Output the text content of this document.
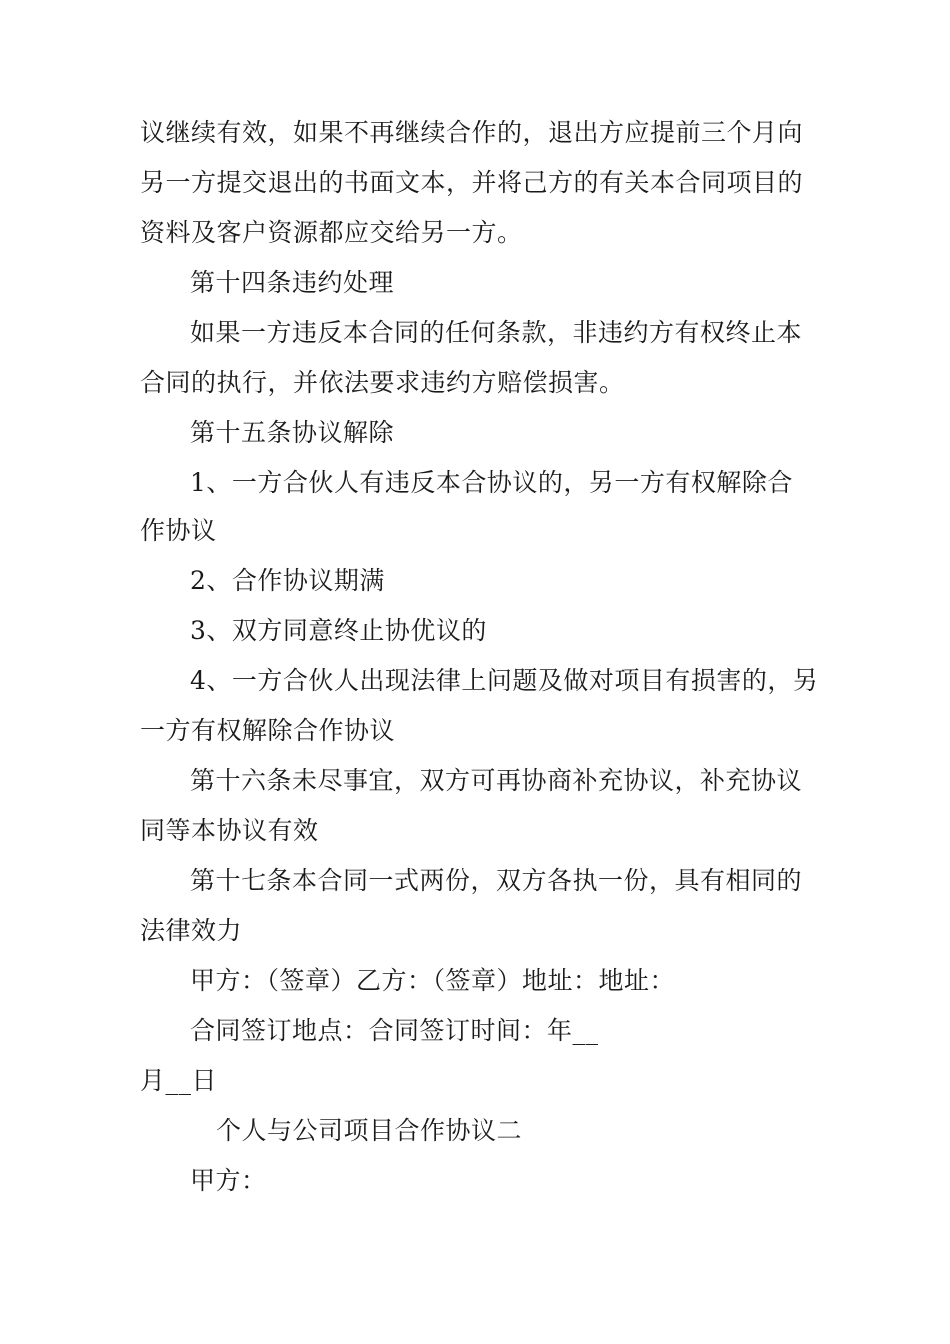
议继续有效，如果不再继续合作的，退出方应提前三个月向
另一方提交退出的书面文本，并将己方的有关本合同项目的
资料及客户资源都应交给另一方。
第十四条违约处理
如果一方违反本合同的任何条款，非违约方有权终止本
合同的执行，并依法要求违约方赔偿损害。
第十五条协议解除
1、一方合伙人有违反本合协议的，另一方有权解除合
作协议
2、合作协议期满
3、双方同意终止协优议的
4、一方合伙人出现法律上问题及做对项目有损害的，另
一方有权解除合作协议
第十六条未尽事宜，双方可再协商补充协议，补充协议
同等本协议有效
第十七条本合同一式两份，双方各执一份，具有相同的
法律效力
甲方：（签章）乙方：（签章）地址：地址：
合同签订地点：合同签订时间：年__
月__日
个人与公司项目合作协议二
甲方：
